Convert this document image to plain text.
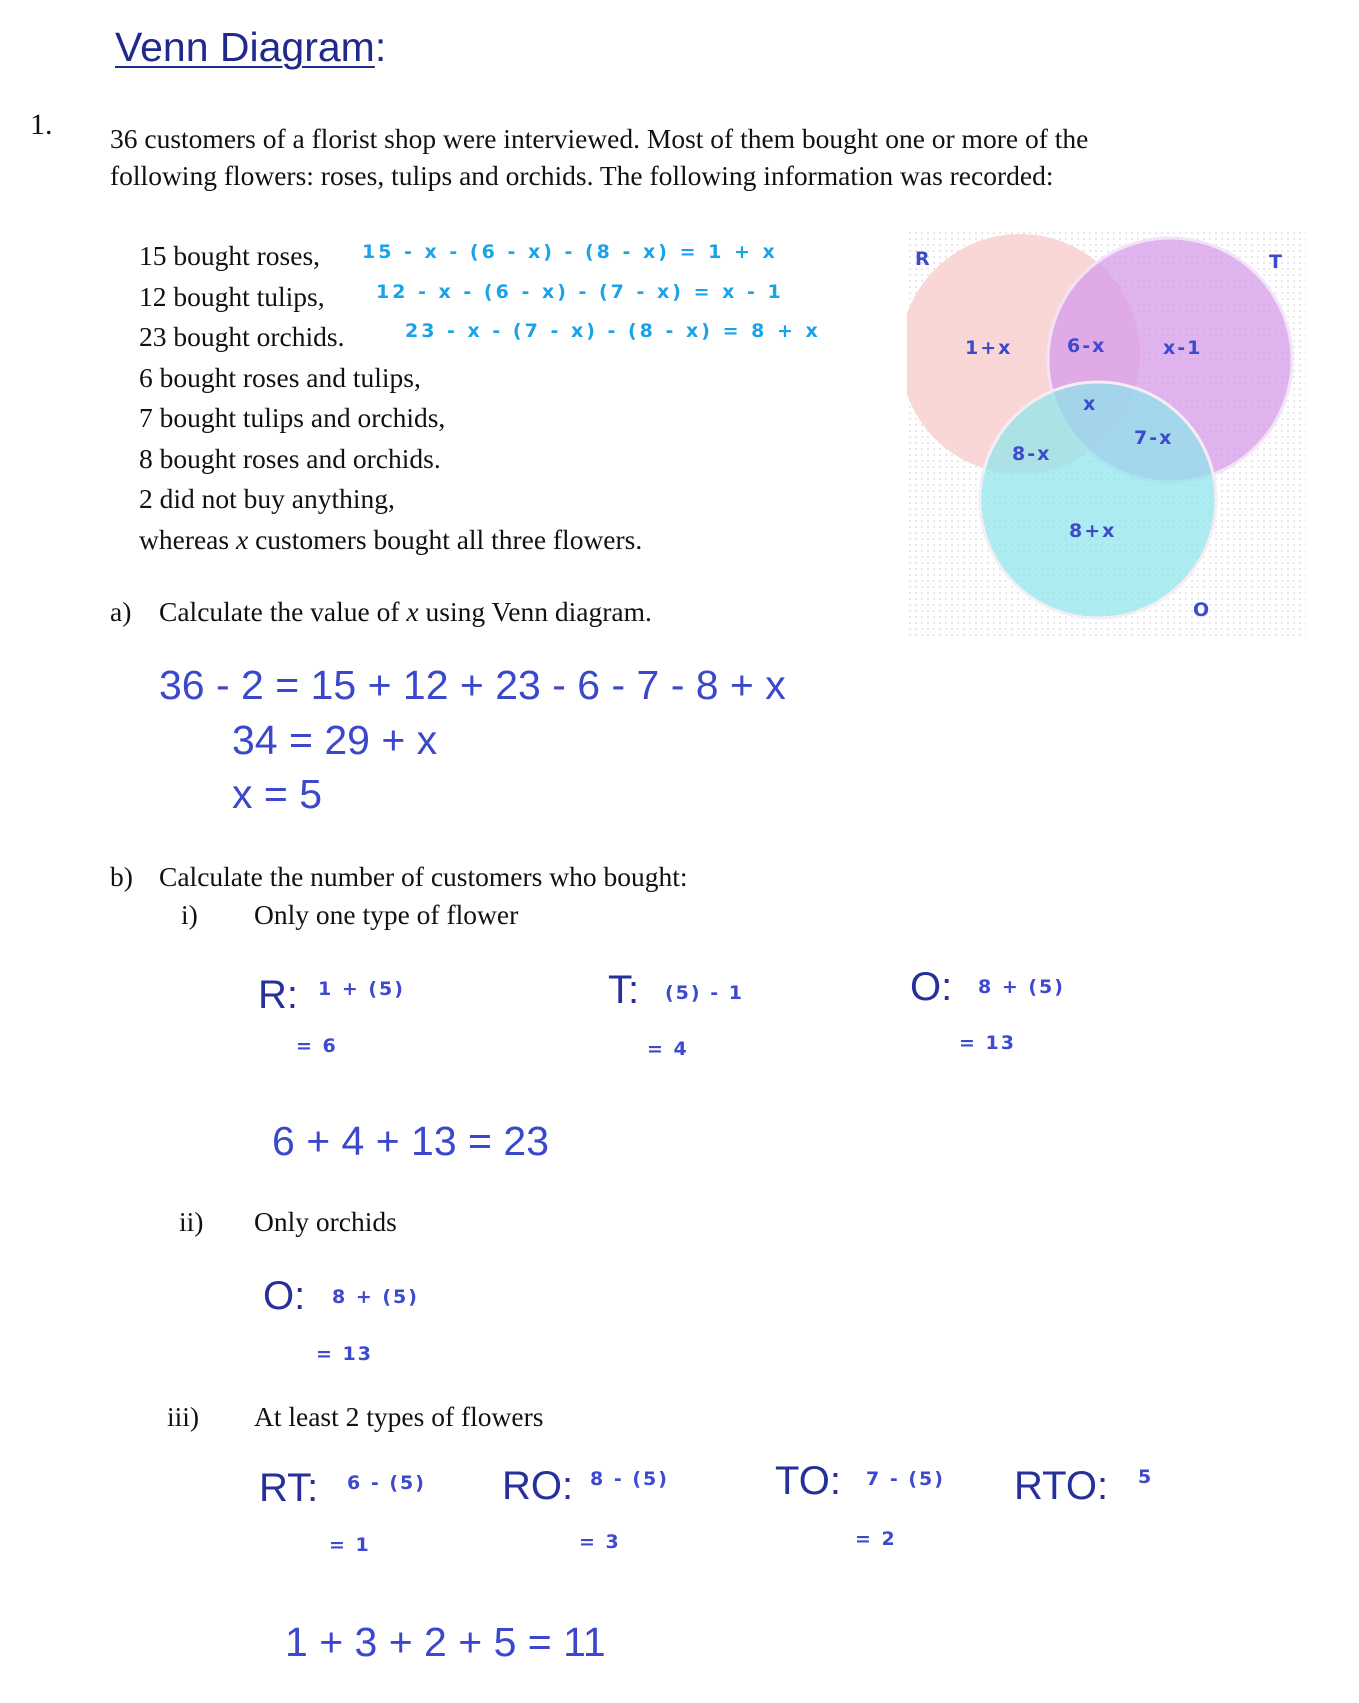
Venn Diagram:
1. 36 customers of a florist shop were interviewed. Most of them bought one or more of the
following flowers: roses, tulips and orchids. The following information was recorded:
15 bought roses,
12 bought tulips,
23 bought orchids.
6 bought roses and tulips,
7 bought tulips and orchids,
8 bought roses and orchids.
2 did not buy anything,
whereas x customers bought all three flowers.
15 - x - (6 - x) - (8 - x) = 1 + x
12 - x - (6 - x) - (7 - x) = x - 1
23 - x - (7 - x) - (8 - x) = 8 + x
R	T
O
1+x	6-x	x-1
x
8-x
7-x
8+x
a) Calculate the value of x using Venn diagram.
36 - 2 = 15 + 12 + 23 - 6 - 7 - 8 + x
34 = 29 + x
x = 5
b) Calculate the number of customers who bought:
i) Only one type of flower
R: 1 + (5)
= 6
T: (5) - 1
= 4
O: 8 + (5)
= 13
6 + 4 + 13 = 23
ii) Only orchids
O: 8 + (5)
= 13
iii) At least 2 types of flowers
RT: 6 - (5)
= 1
RO: 8 - (5)
= 3
TO: 7 - (5)
= 2
RTO: 5
1 + 3 + 2 + 5 = 11
